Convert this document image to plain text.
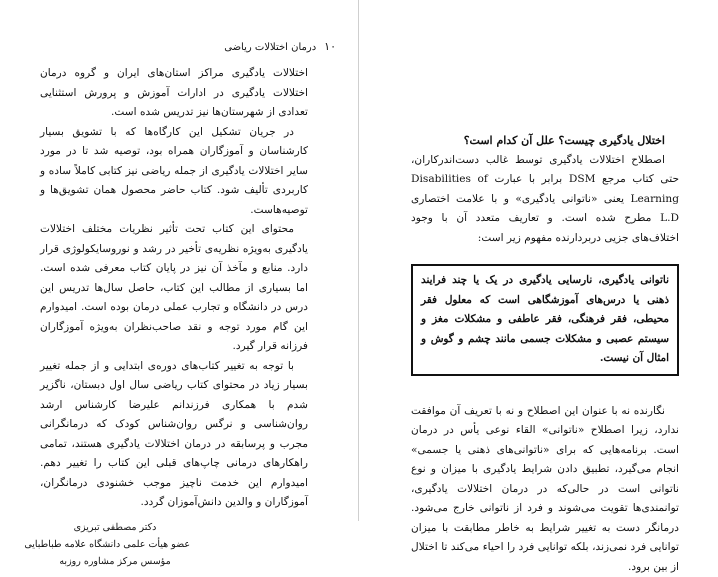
۱۰
درمان اختلالات ریاضی

اختلالات یادگیری مراکز استان‌های ایران و گروه درمان اختلالات یادگیری در ادارات آموزش و پرورش استثنایی تعدادی از شهرستان‌ها نیز تدریس شده است.

در جریان تشکیل این کارگاه‌ها که با تشویق بسیار کارشناسان و آموزگاران همراه بود، توصیه شد تا در مورد سایر اختلالات یادگیری از جمله ریاضی نیز کتابی کاملاً ساده و کاربردی تألیف شود. کتاب حاضر محصول همان تشویق‌ها و توصیه‌هاست.

محتوای این کتاب تحت تأثیر نظریات مختلف اختلالات یادگیری به‌ویژه نظریه‌ی تأخیر در رشد و نوروسایکولوژی قرار دارد. منابع و مآخذ آن نیز در پایان کتاب معرفی شده است. اما بسیاری از مطالب این کتاب، حاصل سال‌ها تدریس این درس در دانشگاه و تجارب عملی درمان بوده است. امیدوارم این گام مورد توجه و نقد صاحب‌نظران به‌ویژه آموزگاران فرزانه قرار گیرد.

با توجه به تغییر کتاب‌های دوره‌ی ابتدایی و از جمله تغییر بسیار زیاد در محتوای کتاب ریاضی سال اول دبستان، ناگزیر شدم با همکاری فرزندانم علیرضا کارشناس ارشد روان‌شناسی و نرگس روان‌شناس کودک که درمانگرانی مجرب و پرسابقه در درمان اختلالات یادگیری هستند، تمامی راهکارهای درمانی چاپ‌های قبلی این کتاب را تغییر دهم. امیدوارم این خدمت ناچیز موجب خشنودی درمانگران، آموزگاران و والدین دانش‌آموزان گردد.

دکتر مصطفی تبریزی
عضو هیأت علمی دانشگاه علامه طباطبایی
مؤسس مرکز مشاوره روزبه

اختلال یادگیری چیست؟ علل آن کدام است؟

اصطلاح اختلالات یادگیری توسط غالب دست‌اندرکاران، حتی کتاب مرجع DSM برابر با عبارت Disabilities of Learning یعنی «ناتوانی یادگیری» و با علامت اختصاری L.D مطرح شده است. و تعاریف متعدد آن با وجود اختلاف‌های جزیی دربردارنده مفهوم زیر است:

ناتوانی یادگیری، نارسایی یادگیری در یک یا چند فرایند ذهنی یا درس‌های آموزشگاهی است که معلول فقر محیطی، فقر فرهنگی، فقر عاطفی و مشکلات مغز و سیستم عصبی و مشکلات جسمی مانند چشم و گوش و امثال آن نیست.

نگارنده نه با عنوان این اصطلاح و نه با تعریف آن موافقت ندارد، زیرا اصطلاح «ناتوانی» القاء نوعی یأس در درمان است. برنامه‌هایی که برای «ناتوانی‌های ذهنی یا جسمی» انجام می‌گیرد، تطبیق دادن شرایط یادگیری با میزان و نوع ناتوانی است در حالی‌که در درمان اختلالات یادگیری، توانمندی‌ها تقویت می‌شوند و فرد از ناتوانی خارج می‌شود. درمانگر دست به تغییر شرایط به خاطر مطابقت با میزان توانایی فرد نمی‌زند، بلکه توانایی فرد را احیاء می‌کند تا اختلال از بین برود.
